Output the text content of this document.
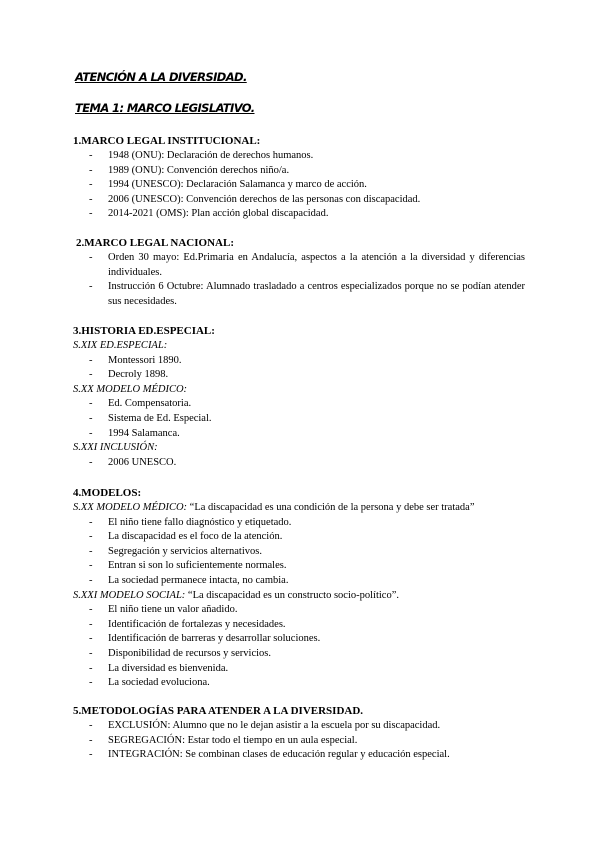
ATENCIÓN A LA DIVERSIDAD.
TEMA 1: MARCO LEGISLATIVO.
1.MARCO LEGAL INSTITUCIONAL:
- 1948 (ONU): Declaración de derechos humanos.
- 1989 (ONU): Convención derechos niño/a.
- 1994 (UNESCO): Declaración Salamanca y marco de acción.
- 2006 (UNESCO): Convención derechos de las personas con discapacidad.
- 2014-2021 (OMS): Plan acción global discapacidad.
2.MARCO LEGAL NACIONAL:
- Orden 30 mayo: Ed.Primaria en Andalucía, aspectos a la atención a la diversidad y diferencias individuales.
- Instrucción 6 Octubre: Alumnado trasladado a centros especializados porque no se podían atender sus necesidades.
3.HISTORIA ED.ESPECIAL:
S.XIX ED.ESPECIAL:
- Montessori 1890.
- Decroly 1898.
S.XX MODELO MÉDICO:
- Ed. Compensatoria.
- Sistema de Ed. Especial.
- 1994 Salamanca.
S.XXI INCLUSIÓN:
- 2006 UNESCO.
4.MODELOS:
S.XX MODELO MÉDICO: “La discapacidad es una condición de la persona y debe ser tratada”
- El niño tiene fallo diagnóstico y etiquetado.
- La discapacidad es el foco de la atención.
- Segregación y servicios alternativos.
- Entran si son lo suficientemente normales.
- La sociedad permanece intacta, no cambia.
S.XXI MODELO SOCIAL: “La discapacidad es un constructo socio-político”.
- El niño tiene un valor añadido.
- Identificación de fortalezas y necesidades.
- Identificación de barreras y desarrollar soluciones.
- Disponibilidad de recursos y servicios.
- La diversidad es bienvenida.
- La sociedad evoluciona.
5.METODOLOGÍAS PARA ATENDER A LA DIVERSIDAD.
- EXCLUSIÓN: Alumno que no le dejan asistir a la escuela por su discapacidad.
- SEGREGACIÓN: Estar todo el tiempo en un aula especial.
- INTEGRACIÓN: Se combinan clases de educación regular y educación especial.
